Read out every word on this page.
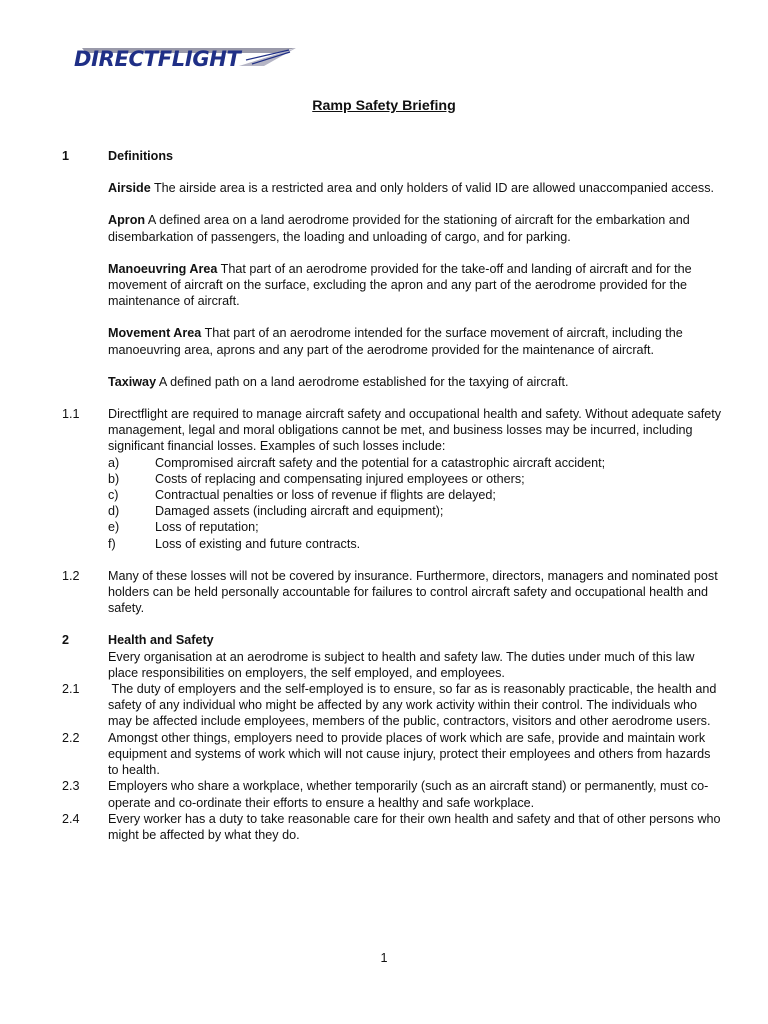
DIRECTFLIGHT
Ramp Safety Briefing
1	Definitions

Airside The airside area is a restricted area and only holders of valid ID are allowed unaccompanied access.

Apron A defined area on a land aerodrome provided for the stationing of aircraft for the embarkation and disembarkation of passengers, the loading and unloading of cargo, and for parking.

Manoeuvring Area That part of an aerodrome provided for the take-off and landing of aircraft and for the movement of aircraft on the surface, excluding the apron and any part of the aerodrome provided for the maintenance of aircraft.

Movement Area That part of an aerodrome intended for the surface movement of aircraft, including the manoeuvring area, aprons and any part of the aerodrome provided for the maintenance of aircraft.

Taxiway A defined path on a land aerodrome established for the taxying of aircraft.

1.1 Directflight are required to manage aircraft safety and occupational health and safety. Without adequate safety management, legal and moral obligations cannot be met, and business losses may be incurred, including significant financial losses. Examples of such losses include:

a)	Compromised aircraft safety and the potential for a catastrophic aircraft accident;
b)	Costs of replacing and compensating injured employees or others;
c)	Contractual penalties or loss of revenue if flights are delayed;
d)	Damaged assets (including aircraft and equipment);
e)	Loss of reputation;
f)	Loss of existing and future contracts.
1.2 Many of these losses will not be covered by insurance. Furthermore, directors, managers and nominated post holders can be held personally accountable for failures to control aircraft safety and occupational health and safety.

2	Health and Safety

Every organisation at an aerodrome is subject to health and safety law. The duties under much of this law place responsibilities on employers, the self employed, and employees.

2.1 The duty of employers and the self-employed is to ensure, so far as is reasonably practicable, the health and safety of any individual who might be affected by any work activity within their control. The individuals who may be affected include employees, members of the public, contractors, visitors and other aerodrome users.

2.2 Amongst other things, employers need to provide places of work which are safe, provide and maintain work equipment and systems of work which will not cause injury, protect their employees and others from hazards to health.

2.3 Employers who share a workplace, whether temporarily (such as an aircraft stand) or permanently, must co-operate and co-ordinate their efforts to ensure a healthy and safe workplace.

2.4 Every worker has a duty to take reasonable care for their own health and safety and that of other persons who might be affected by what they do.

1
